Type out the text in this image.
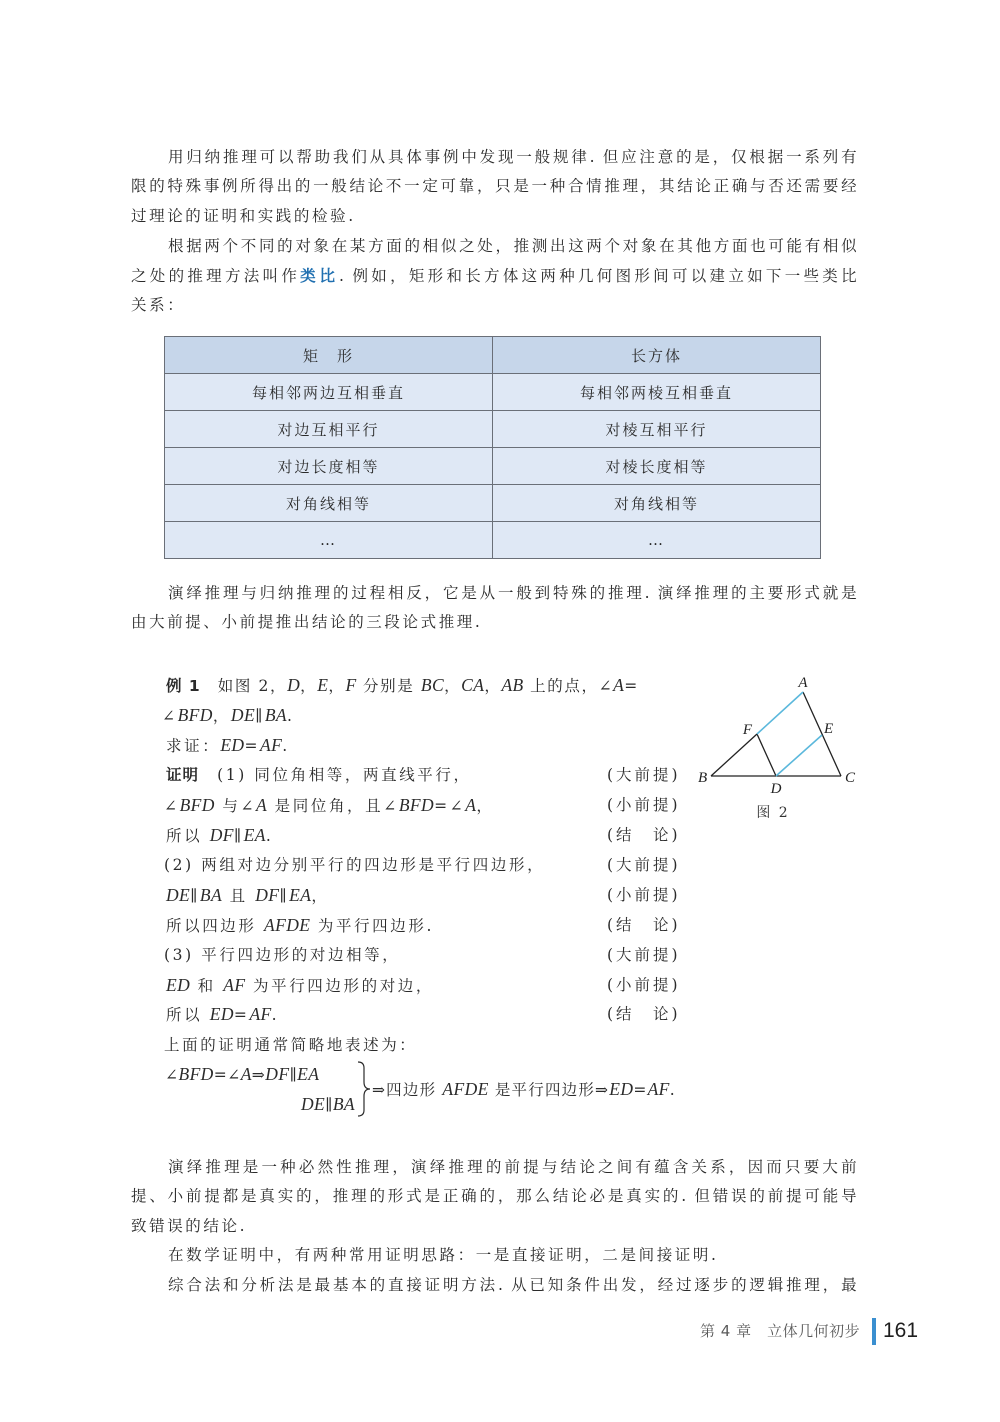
用归纳推理可以帮助我们从具体事例中发现一般规律. 但应注意的是，仅根据一系列有
限的特殊事例所得出的一般结论不一定可靠，只是一种合情推理，其结论正确与否还需要经
过理论的证明和实践的检验.
根据两个不同的对象在某方面的相似之处，推测出这两个对象在其他方面也可能有相似
之处的推理方法叫作类比. 例如，矩形和长方体这两种几何图形间可以建立如下一些类比
关系：
矩　形	长方体
每相邻两边互相垂直	每相邻两棱互相垂直
对边互相平行	对棱互相平行
对边长度相等	对棱长度相等
对角线相等	对角线相等
…	…
演绎推理与归纳推理的过程相反，它是从一般到特殊的推理. 演绎推理的主要形式就是
由大前提、小前提推出结论的三段论式推理.
例 1　如图 2，D，E，F 分别是 BC，CA，AB 上的点，∠A=
∠BFD，DE∥BA.
求证：ED=AF.
证明　(1) 同位角相等，两直线平行，	(大前提)
∠BFD 与∠A 是同位角，且∠BFD=∠A，	(小前提)
所以 DF∥EA.	(结　论)
(2) 两组对边分别平行的四边形是平行四边形，	(大前提)
DE∥BA 且 DF∥EA，	(小前提)
所以四边形 AFDE 为平行四边形.	(结　论)
(3) 平行四边形的对边相等，	(大前提)
ED 和 AF 为平行四边形的对边，	(小前提)
所以 ED=AF.	(结　论)
上面的证明通常简略地表述为：
∠BFD=∠A⇒DF∥EA
DE∥BA
⇒四边形 AFDE 是平行四边形⇒ED=AF.
A
F	E
B
D
C
图 2
演绎推理是一种必然性推理，演绎推理的前提与结论之间有蕴含关系，因而只要大前
提、小前提都是真实的，推理的形式是正确的，那么结论必是真实的. 但错误的前提可能导
致错误的结论.
在数学证明中，有两种常用证明思路：一是直接证明，二是间接证明.
综合法和分析法是最基本的直接证明方法. 从已知条件出发，经过逐步的逻辑推理，最
第 4 章　立体几何初步 161
